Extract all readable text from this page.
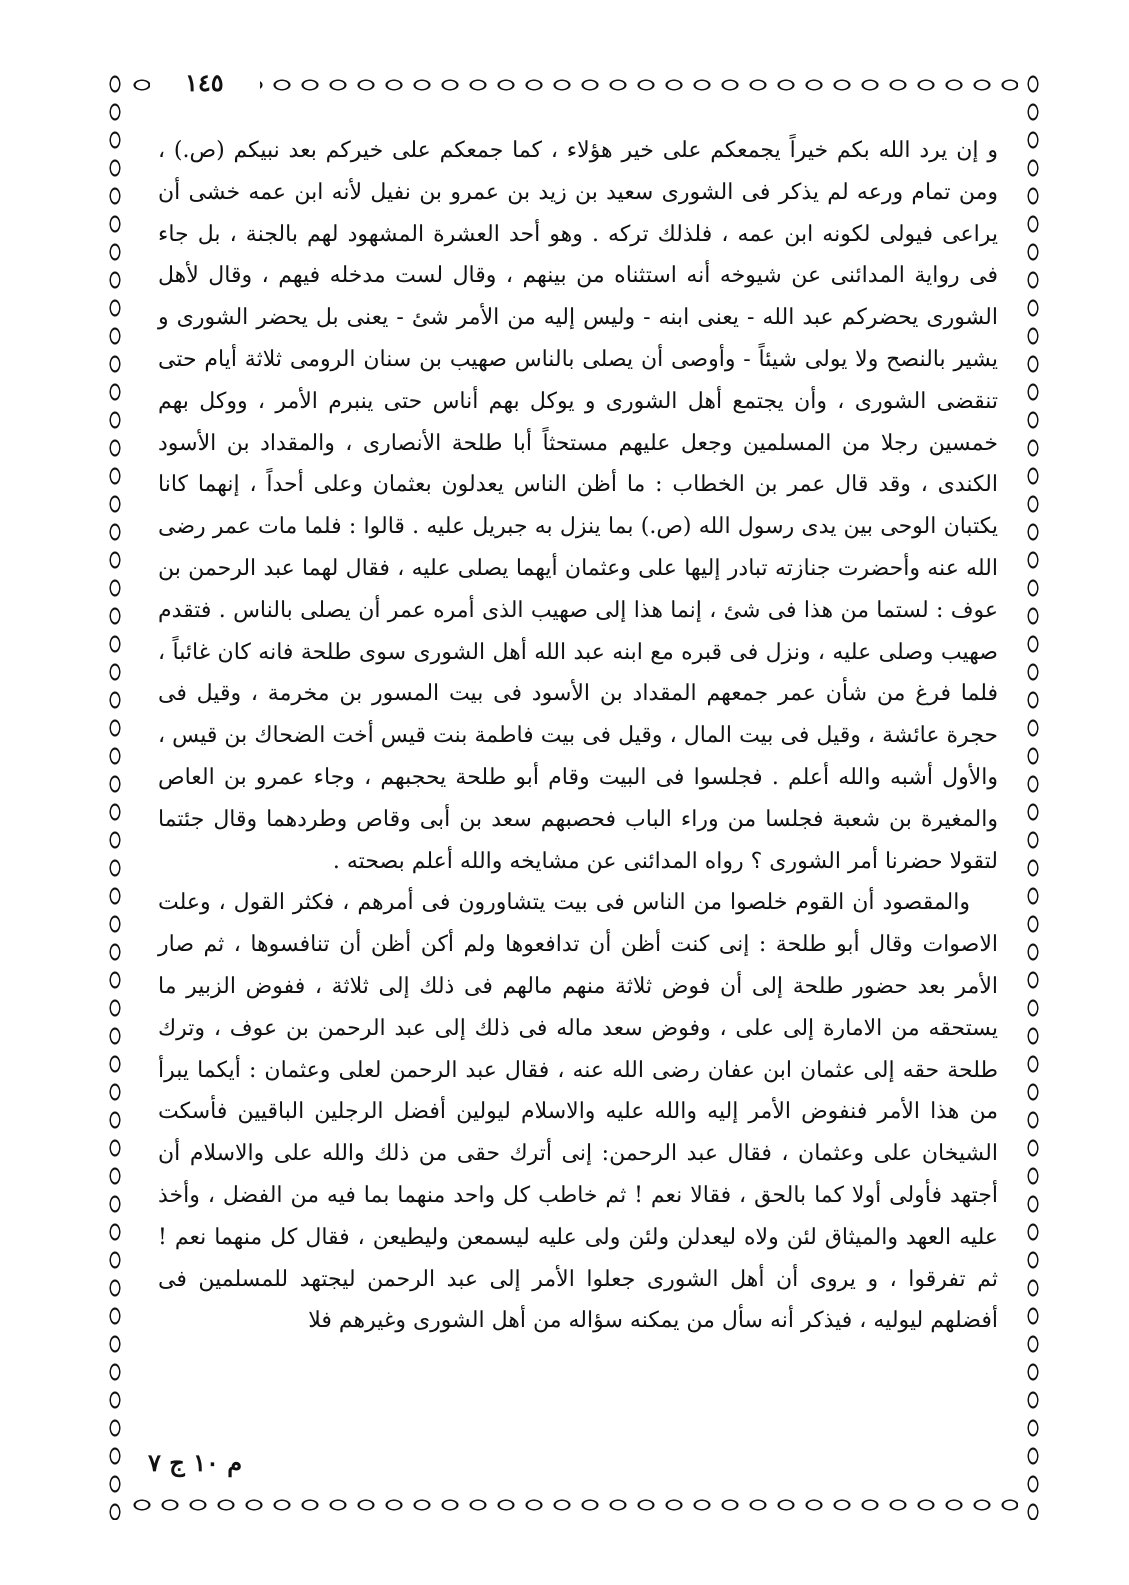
١٤٥

و إن يرد الله بكم خيراً يجمعكم على خير هؤلاء ، كما جمعكم على خيركم بعد نبيكم (ص.) ، ومن تمام ورعه لم يذكر فى الشورى سعيد بن زيد بن عمرو بن نفيل لأنه ابن عمه خشى أن يراعى فيولى لكونه ابن عمه ، فلذلك تركه . وهو أحد العشرة المشهود لهم بالجنة ، بل جاء فى رواية المدائنى عن شيوخه أنه استثناه من بينهم ، وقال لست مدخله فيهم ، وقال لأهل الشورى يحضركم عبد الله - يعنى ابنه - وليس إليه من الأمر شئ - يعنى بل يحضر الشورى و يشير بالنصح ولا يولى شيئاً - وأوصى أن يصلى بالناس صهيب بن سنان الرومى ثلاثة أيام حتى تنقضى الشورى ، وأن يجتمع أهل الشورى و يوكل بهم أناس حتى ينبرم الأمر ، ووكل بهم خمسين رجلا من المسلمين وجعل عليهم مستحثاً أبا طلحة الأنصارى ، والمقداد بن الأسود الكندى ، وقد قال عمر بن الخطاب : ما أظن الناس يعدلون بعثمان وعلى أحداً ، إنهما كانا يكتبان الوحى بين يدى رسول الله (ص.) بما ينزل به جبريل عليه . قالوا : فلما مات عمر رضى الله عنه وأحضرت جنازته تبادر إليها على وعثمان أيهما يصلى عليه ، فقال لهما عبد الرحمن بن عوف : لستما من هذا فى شئ ، إنما هذا إلى صهيب الذى أمره عمر أن يصلى بالناس . فتقدم صهيب وصلى عليه ، ونزل فى قبره مع ابنه عبد الله أهل الشورى سوى طلحة فانه كان غائباً ، فلما فرغ من شأن عمر جمعهم المقداد بن الأسود فى بيت المسور بن مخرمة ، وقيل فى حجرة عائشة ، وقيل فى بيت المال ، وقيل فى بيت فاطمة بنت قيس أخت الضحاك بن قيس ، والأول أشبه والله أعلم . فجلسوا فى البيت وقام أبو طلحة يحجبهم ، وجاء عمرو بن العاص والمغيرة بن شعبة فجلسا من وراء الباب فحصبهم سعد بن أبى وقاص وطردهما وقال جئتما لتقولا حضرنا أمر الشورى ؟ رواه المدائنى عن مشايخه والله أعلم بصحته .

والمقصود أن القوم خلصوا من الناس فى بيت يتشاورون فى أمرهم ، فكثر القول ، وعلت الاصوات وقال أبو طلحة : إنى كنت أظن أن تدافعوها ولم أكن أظن أن تنافسوها ، ثم صار الأمر بعد حضور طلحة إلى أن فوض ثلاثة منهم مالهم فى ذلك إلى ثلاثة ، ففوض الزبير ما يستحقه من الامارة إلى على ، وفوض سعد ماله فى ذلك إلى عبد الرحمن بن عوف ، وترك طلحة حقه إلى عثمان ابن عفان رضى الله عنه ، فقال عبد الرحمن لعلى وعثمان : أيكما يبرأ من هذا الأمر فنفوض الأمر إليه والله عليه والاسلام ليولين أفضل الرجلين الباقيين فأسكت الشيخان على وعثمان ، فقال عبد الرحمن: إنى أترك حقى من ذلك والله على والاسلام أن أجتهد فأولى أولا كما بالحق ، فقالا نعم ! ثم خاطب كل واحد منهما بما فيه من الفضل ، وأخذ عليه العهد والميثاق لئن ولاه ليعدلن ولئن ولى عليه ليسمعن وليطيعن ، فقال كل منهما نعم ! ثم تفرقوا ، و يروى أن أهل الشورى جعلوا الأمر إلى عبد الرحمن ليجتهد للمسلمين فى أفضلهم ليوليه ، فيذكر أنه سأل من يمكنه سؤاله من أهل الشورى وغيرهم فلا

م ١٠ ج ٧
